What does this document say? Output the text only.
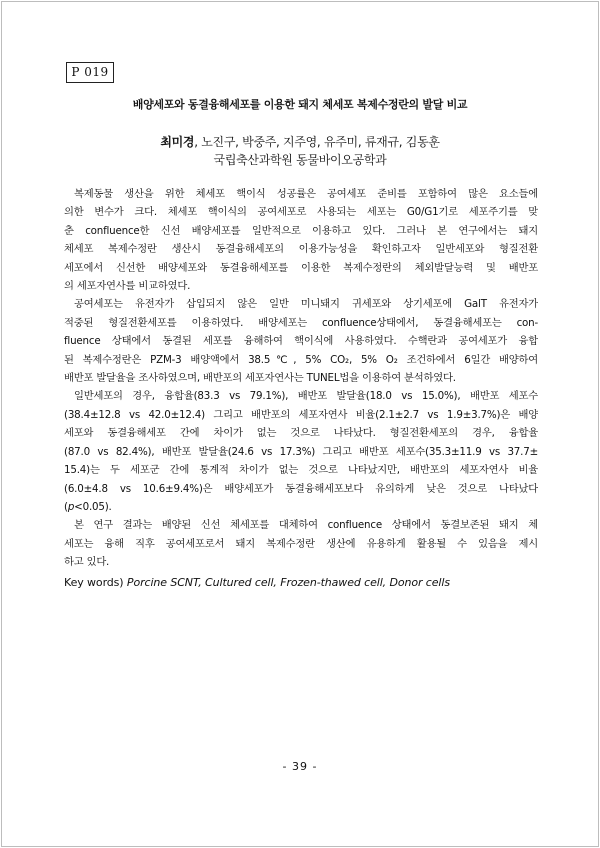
P 019
배양세포와 동결융해세포를 이용한 돼지 체세포 복제수정란의 발달 비교
최미경, 노진구, 박중주, 지주영, 유주미, 류재규, 김동훈
국립축산과학원 동물바이오공학과
복제동물 생산을 위한 체세포 핵이식 성공률은 공여세포 준비를 포함하여 많은 요소들에
의한 변수가 크다. 체세포 핵이식의 공여세포로 사용되는 세포는 G0/G1기로 세포주기를 맞
춘 confluence한 신선 배양세포를 일반적으로 이용하고 있다. 그러나 본 연구에서는 돼지
체세포 복제수정란 생산시 동결융해세포의 이용가능성을 확인하고자 일반세포와 형질전환
세포에서 신선한 배양세포와 동결융해세포를 이용한 복제수정란의 체외발달능력 및 배반포
의 세포자연사를 비교하였다.
공여세포는 유전자가 삽입되지 않은 일반 미니돼지 귀세포와 상기세포에 GalT 유전자가
적중된 형질전환세포를 이용하였다. 배양세포는 confluence상태에서, 동결융해세포는 con-
fluence 상태에서 동결된 세포를 융해하여 핵이식에 사용하였다. 수핵란과 공여세포가 융합
된 복제수정란은 PZM-3 배양액에서 38.5℃, 5% CO₂, 5% O₂ 조건하에서 6일간 배양하여
배반포 발달율을 조사하였으며, 배반포의 세포자연사는 TUNEL법을 이용하여 분석하였다.
일반세포의 경우, 융합율(83.3 vs 79.1%), 배반포 발달율(18.0 vs 15.0%), 배반포 세포수
(38.4±12.8 vs 42.0±12.4) 그리고 배반포의 세포자연사 비율(2.1±2.7 vs 1.9±3.7%)은 배양
세포와 동결융해세포 간에 차이가 없는 것으로 나타났다. 형질전환세포의 경우, 융합율
(87.0 vs 82.4%), 배반포 발달율(24.6 vs 17.3%) 그리고 배반포 세포수(35.3±11.9 vs 37.7±
15.4)는 두 세포군 간에 통계적 차이가 없는 것으로 나타났지만, 배반포의 세포자연사 비율
(6.0±4.8 vs 10.6±9.4%)은 배양세포가 동결융해세포보다 유의하게 낮은 것으로 나타났다
(p<0.05).
본 연구 결과는 배양된 신선 체세포를 대체하여 confluence 상태에서 동결보존된 돼지 체
세포는 융해 직후 공여세포로서 돼지 복제수정란 생산에 유용하게 활용될 수 있음을 제시
하고 있다.
Key words) Porcine SCNT, Cultured cell, Frozen-thawed cell, Donor cells
- 39 -
